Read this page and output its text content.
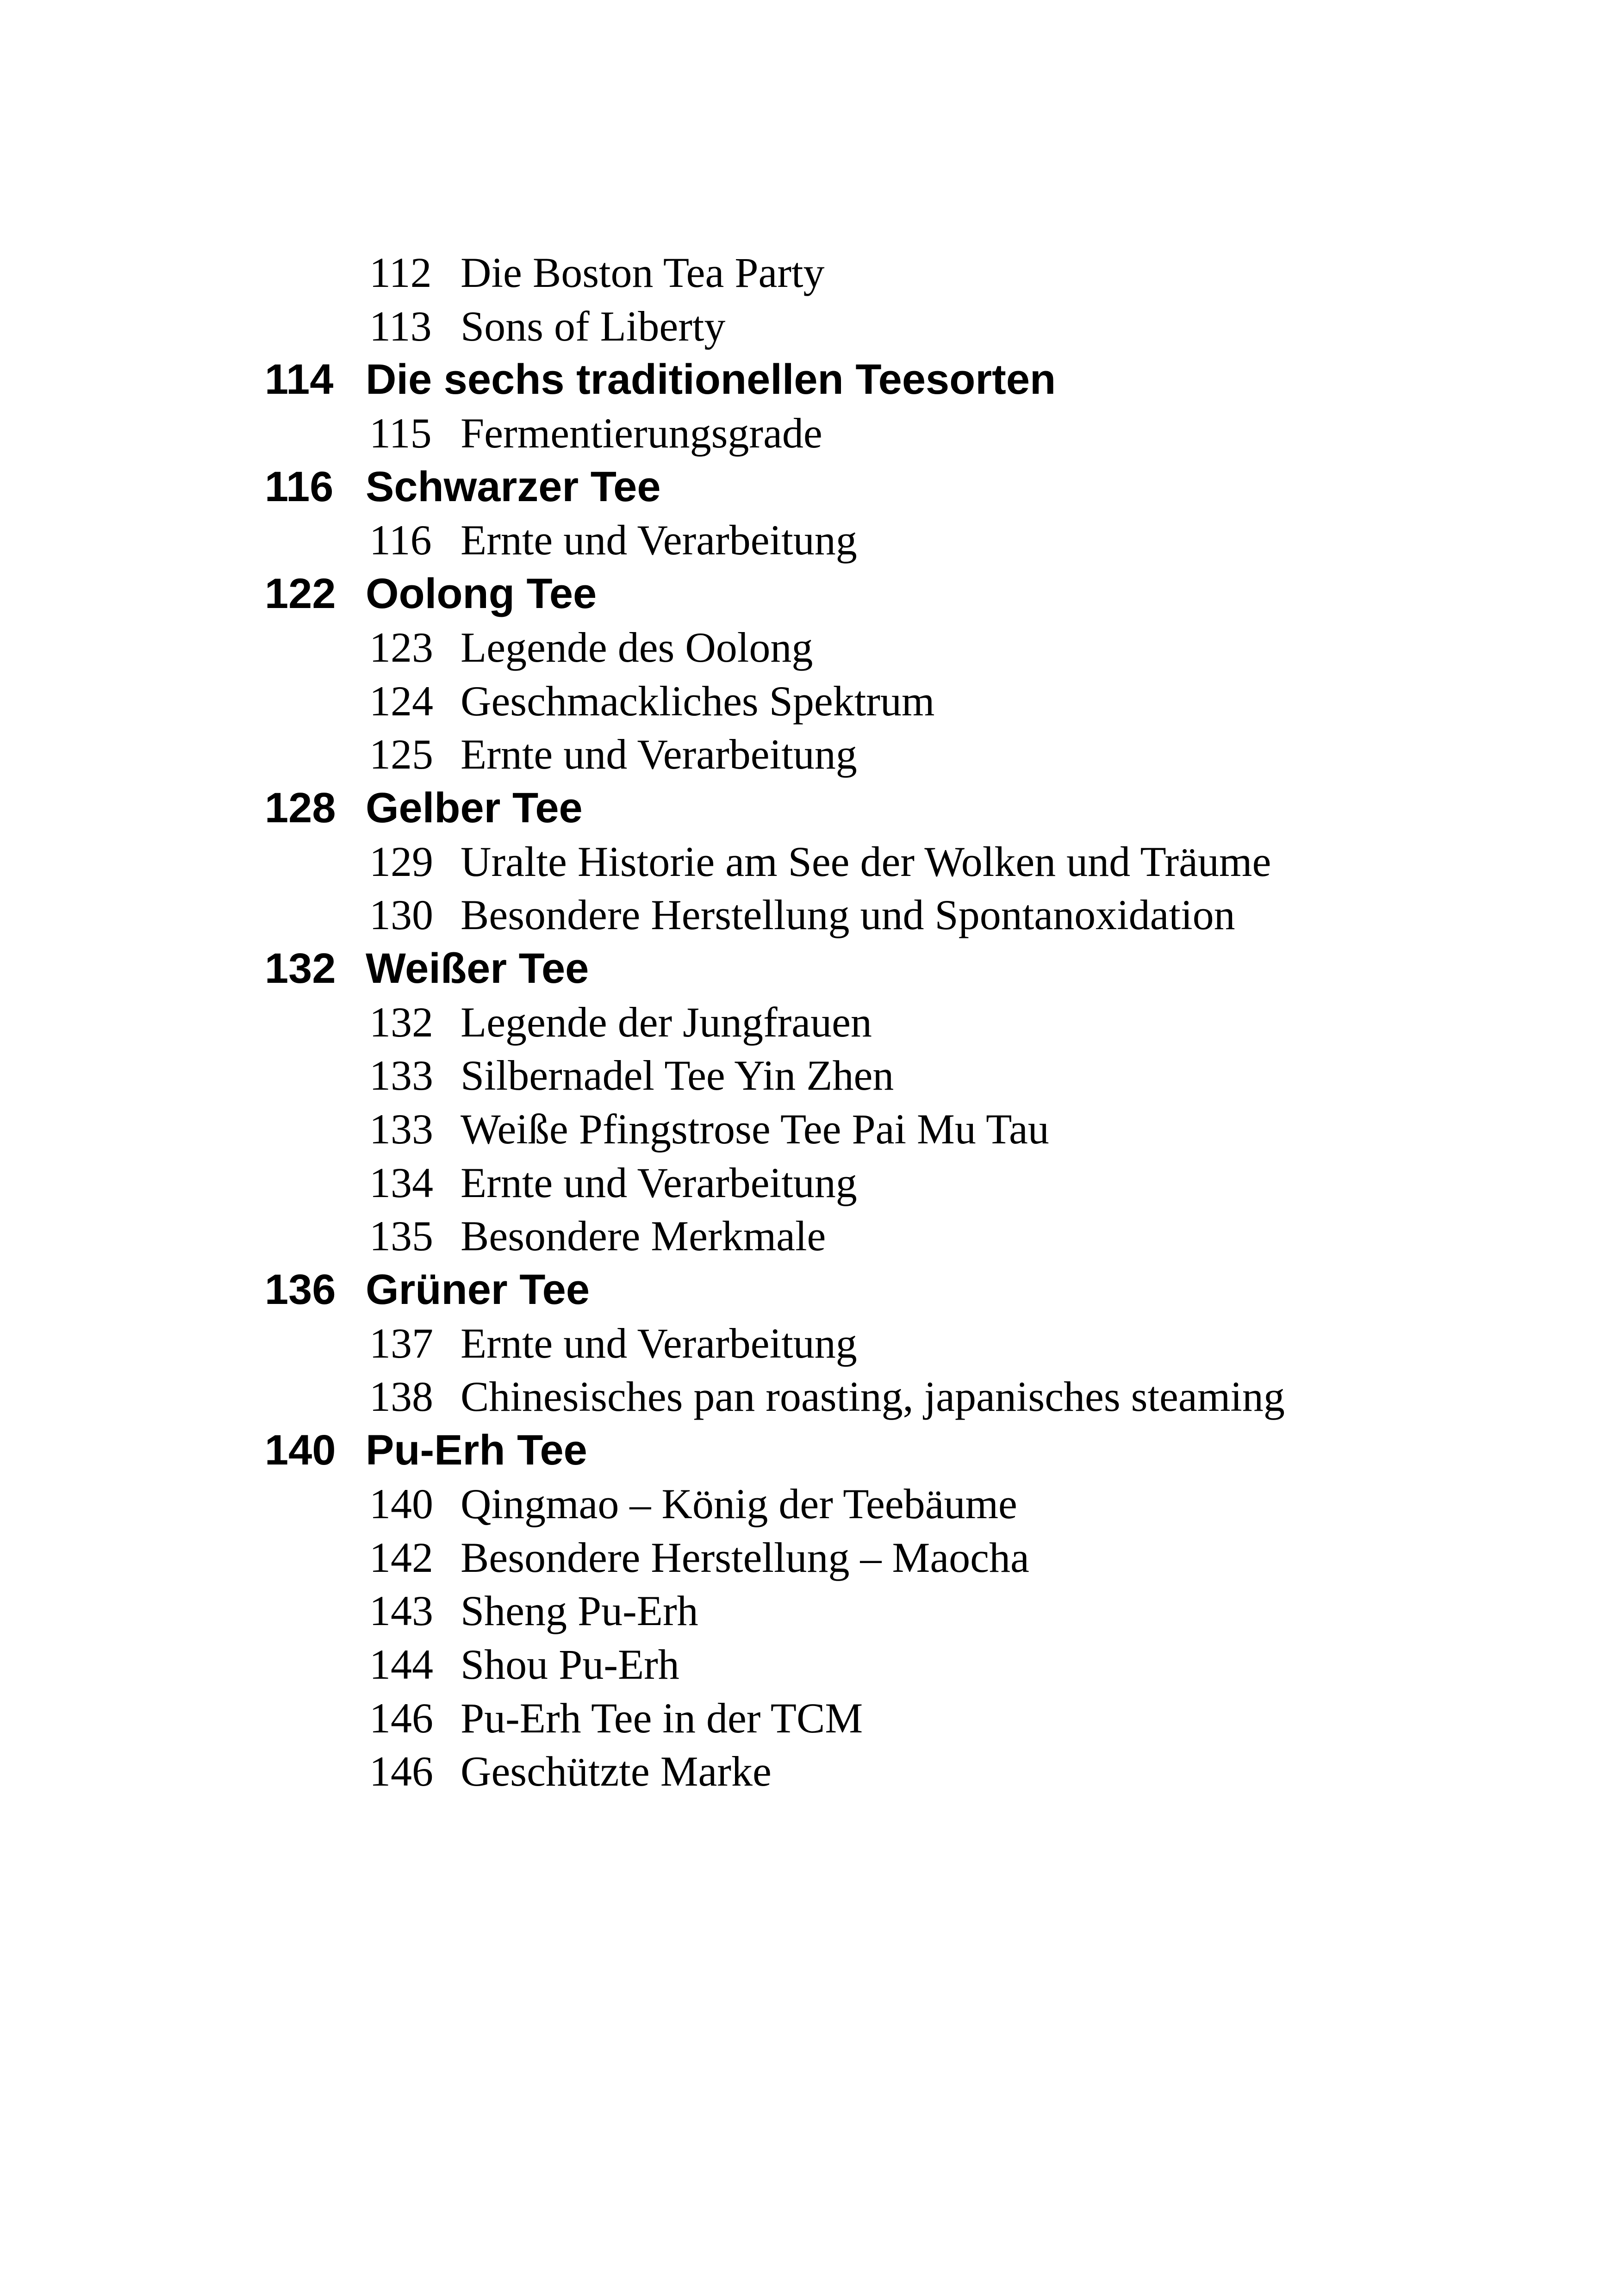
112 Die Boston Tea Party
113 Sons of Liberty
114 Die sechs traditionellen Teesorten
115 Fermentierungsgrade
116 Schwarzer Tee
116 Ernte und Verarbeitung
122 Oolong Tee
123 Legende des Oolong
124 Geschmackliches Spektrum
125 Ernte und Verarbeitung
128 Gelber Tee
129 Uralte Historie am See der Wolken und Träume
130 Besondere Herstellung und Spontanoxidation
132 Weißer Tee
132 Legende der Jungfrauen
133 Silbernadel Tee Yin Zhen
133 Weiße Pfingstrose Tee Pai Mu Tau
134 Ernte und Verarbeitung
135 Besondere Merkmale
136 Grüner Tee
137 Ernte und Verarbeitung
138 Chinesisches pan roasting, japanisches steaming
140 Pu-Erh Tee
140 Qingmao – König der Teebäume
142 Besondere Herstellung – Maocha
143 Sheng Pu-Erh
144 Shou Pu-Erh
146 Pu-Erh Tee in der TCM
146 Geschützte Marke
